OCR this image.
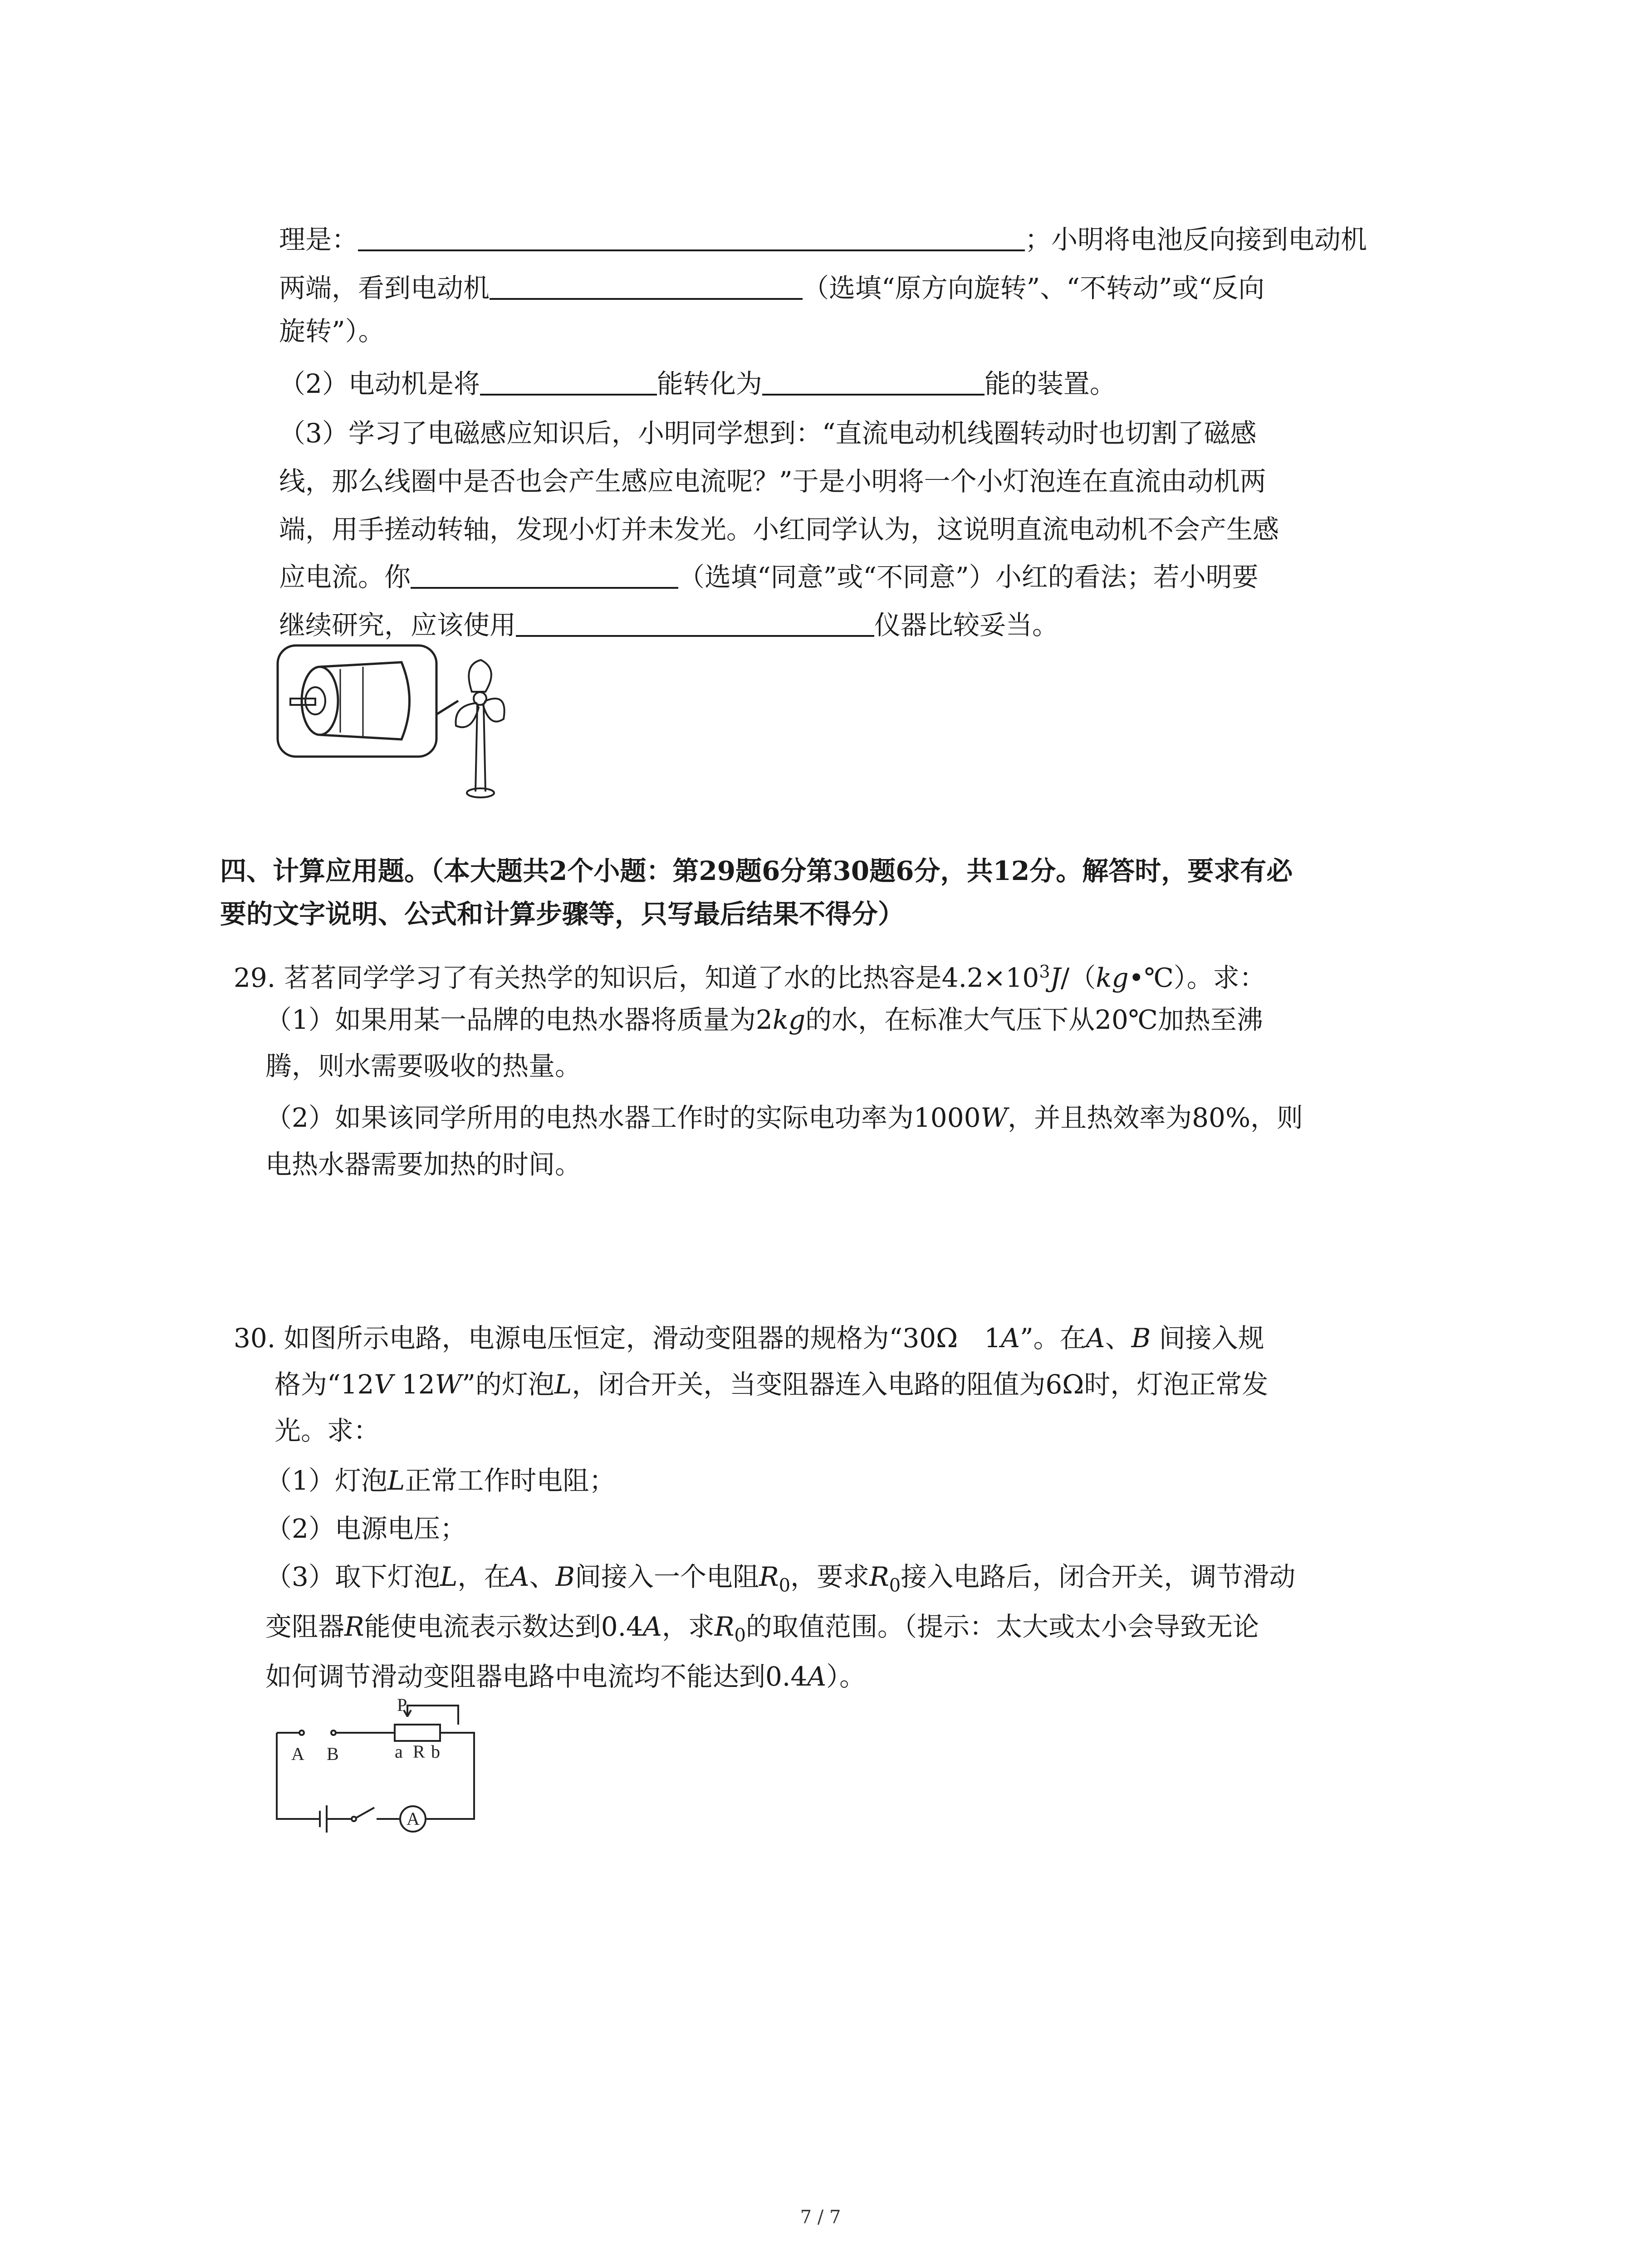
理是：	；小明将电池反向接到电动机
两端，看到电动机	（选填“原方向旋转”、“不转动”或“反向
旋转”）。
（2）电动机是将	能转化为	能的装置。
（3）学习了电磁感应知识后，小明同学想到：“直流电动机线圈转动时也切割了磁感
线，那么线圈中是否也会产生感应电流呢？”于是小明将一个小灯泡连在直流由动机两
端，用手搓动转轴，发现小灯并未发光。小红同学认为，这说明直流电动机不会产生感
应电流。你	（选填“同意”或“不同意”）小红的看法；若小明要
继续研究，应该使用	仪器比较妥当。
四、计算应用题。（本大题共2个小题：第29题6分第30题6分，共12分。解答时，要求有必
要的文字说明、公式和计算步骤等，只写最后结果不得分）
29. 茗茗同学学习了有关热学的知识后，知道了水的比热容是$4.2\times 10^3J/(kg•℃)$。求：
（1）如果用某一品牌的电热水器将质量为2kg的水，在标准大气压下从20℃加热至沸
腾，则水需要吸收的热量。
（2）如果该同学所用的电热水器工作时的实际电功率为1000W，并且热效率为80%，则
电热水器需要加热的时间。
30. 如图所示电路，电源电压恒定，滑动变阻器的规格为“30Ω　1A”。在A、B 间接入规
格为“12V 12W”的灯泡L，闭合开关，当变阻器连入电路的阻值为6Ω时，灯泡正常发
光。求：
（1）灯泡L正常工作时电阻；
（2）电源电压；
（3）取下灯泡L，在A、B间接入一个电阻$R_0$，要求$R_0$接入电路后，闭合开关，调节滑动
变阻器R能使电流表示数达到0.4A，求$R_0$的取值范围。（提示：太大或太小会导致无论
如何调节滑动变阻器电路中电流均不能达到0.4A）。
A B
P
a R b
A
7 / 7
